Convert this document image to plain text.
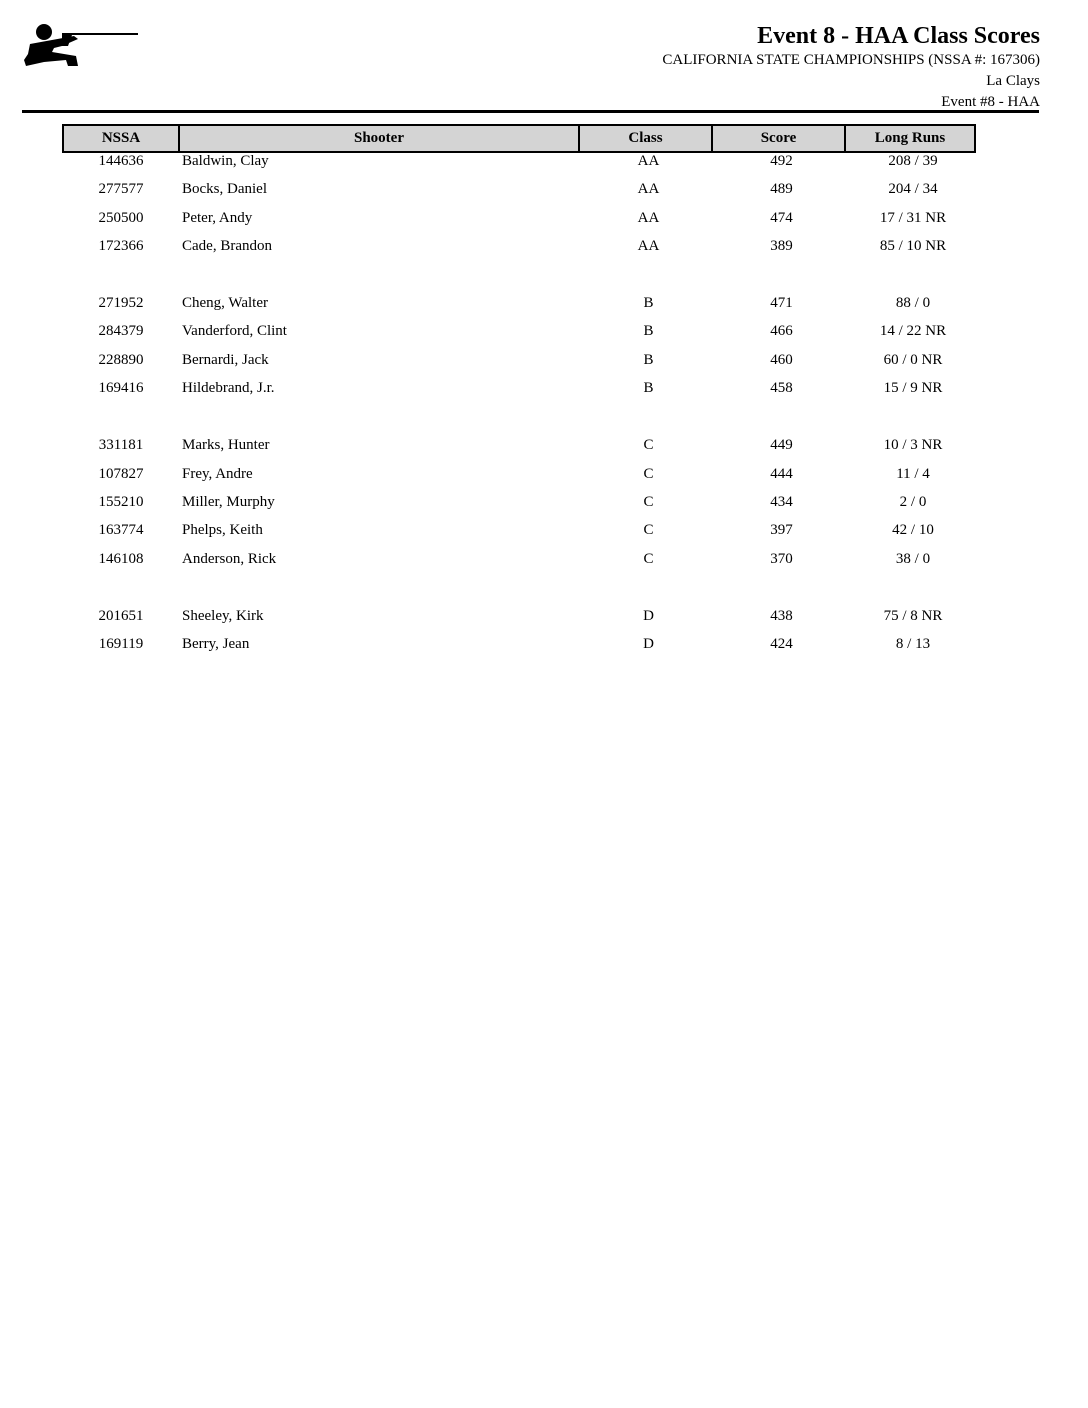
Event 8 - HAA Class Scores
CALIFORNIA STATE CHAMPIONSHIPS (NSSA #: 167306)
La Clays
Event #8 - HAA
NSSA	Shooter	Class	Score	Long Runs
144636	Baldwin, Clay	AA	492	208 / 39
277577	Bocks, Daniel	AA	489	204 / 34
250500	Peter, Andy	AA	474	17 / 31 NR
172366	Cade, Brandon	AA	389	85 / 10 NR
271952	Cheng, Walter	B	471	88 / 0
284379	Vanderford, Clint	B	466	14 / 22 NR
228890	Bernardi, Jack	B	460	60 / 0 NR
169416	Hildebrand, J.r.	B	458	15 / 9 NR
331181	Marks, Hunter	C	449	10 / 3 NR
107827	Frey, Andre	C	444	11 / 4
155210	Miller, Murphy	C	434	2 / 0
163774	Phelps, Keith	C	397	42 / 10
146108	Anderson, Rick	C	370	38 / 0
201651	Sheeley, Kirk	D	438	75 / 8 NR
169119	Berry, Jean	D	424	8 / 13
